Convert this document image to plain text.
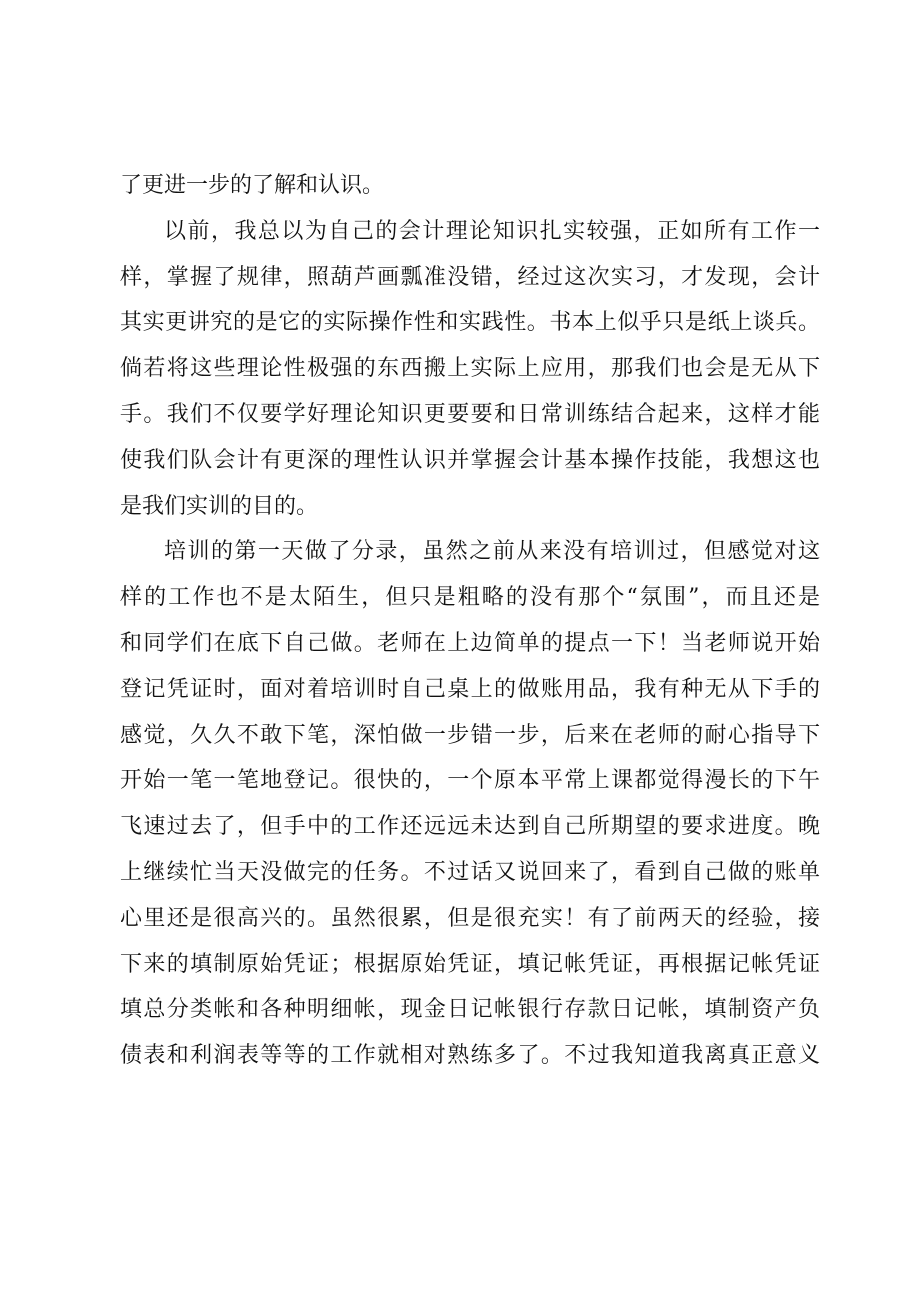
了更进一步的了解和认识。
以前，我总以为自己的会计理论知识扎实较强，正如所有工作一
样，掌握了规律，照葫芦画瓢准没错，经过这次实习，才发现，会计
其实更讲究的是它的实际操作性和实践性。书本上似乎只是纸上谈兵。
倘若将这些理论性极强的东西搬上实际上应用，那我们也会是无从下
手。我们不仅要学好理论知识更要要和日常训练结合起来，这样才能
使我们队会计有更深的理性认识并掌握会计基本操作技能，我想这也
是我们实训的目的。
培训的第一天做了分录，虽然之前从来没有培训过，但感觉对这
样的工作也不是太陌生，但只是粗略的没有那个“氛围”，而且还是
和同学们在底下自己做。老师在上边简单的提点一下！当老师说开始
登记凭证时，面对着培训时自己桌上的做账用品，我有种无从下手的
感觉，久久不敢下笔，深怕做一步错一步，后来在老师的耐心指导下
开始一笔一笔地登记。很快的，一个原本平常上课都觉得漫长的下午
飞速过去了，但手中的工作还远远未达到自己所期望的要求进度。晚
上继续忙当天没做完的任务。不过话又说回来了，看到自己做的账单
心里还是很高兴的。虽然很累，但是很充实！有了前两天的经验，接
下来的填制原始凭证；根据原始凭证，填记帐凭证，再根据记帐凭证
填总分类帐和各种明细帐，现金日记帐银行存款日记帐，填制资产负
债表和利润表等等的工作就相对熟练多了。不过我知道我离真正意义
